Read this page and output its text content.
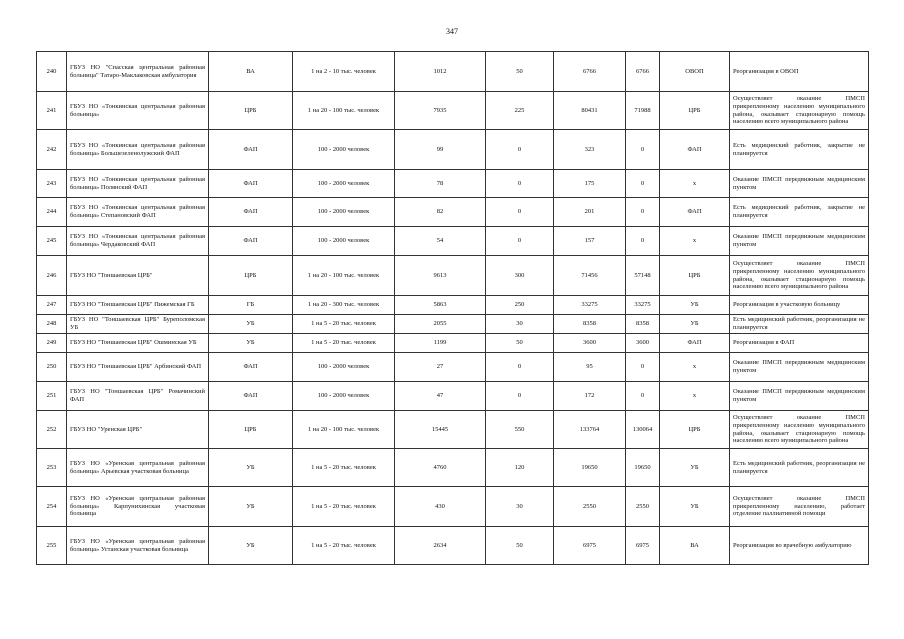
347
240	ГБУЗ НО "Спасская центральная районная больница" Татаро-Маклаковская амбулатория	ВА	1 на 2 - 10 тыс. человек	1012	50	6766	6766	ОВОП	Реорганизация в ОВОП
241	ГБУЗ НО «Тонкинская центральная районная больница»	ЦРБ	1 на 20 - 100 тыс. человек	7935	225	80431	71988	ЦРБ	Осуществляет оказание ПМСП прикрепленному населению муниципального района, оказывает стационарную помощь населению всего муниципального района
242	ГБУЗ НО «Тонкинская центральная районная больница» Большезеленолужский ФАП	ФАП	100 - 2000 человек	99	0	323	0	ФАП	Есть медицинский работник, закрытие не планируется
243	ГБУЗ НО «Тонкинская центральная районная больница» Полянский ФАП	ФАП	100 - 2000 человек	78	0	175	0	х	Оказание ПМСП передвижным медицинским пунктом
244	ГБУЗ НО «Тонкинская центральная районная больница» Степановский ФАП	ФАП	100 - 2000 человек	82	0	201	0	ФАП	Есть медицинский работник, закрытие не планируется
245	ГБУЗ НО «Тонкинская центральная районная больница» Чердаковский ФАП	ФАП	100 - 2000 человек	54	0	157	0	х	Оказание ПМСП передвижным медицинским пунктом
246	ГБУЗ НО "Тоншаевская ЦРБ"	ЦРБ	1 на 20 - 100 тыс. человек	9613	300	71456	57148	ЦРБ	Осуществляет оказание ПМСП прикрепленному населению муниципального района, оказывает стационарную помощь населению всего муниципального района
247	ГБУЗ НО "Тоншаевская ЦРБ" Пижемская ГБ	ГБ	1 на 20 - 300 тыс. человек	5863	250	33275	33275	УБ	Реорганизация в участковую больницу
248	ГБУЗ НО "Тоншаевская ЦРБ" Буреполомская УБ	УБ	1 на 5 - 20 тыс. человек	2055	30	8358	8358	УБ	Есть медицинский работник, реорганизация не планируется
249	ГБУЗ НО "Тоншаевская ЦРБ" Ошминская УБ	УБ	1 на 5 - 20 тыс. человек	1199	50	3600	3600	ФАП	Реорганизация в ФАП
250	ГБУЗ НО "Тоншаевская ЦРБ" Арбинский ФАП	ФАП	100 - 2000 человек	27	0	95	0	х	Оказание ПМСП передвижным медицинским пунктом
251	ГБУЗ НО "Тоншаевская ЦРБ" Ромачинский ФАП	ФАП	100 - 2000 человек	47	0	172	0	х	Оказание ПМСП передвижным медицинским пунктом
252	ГБУЗ НО "Уренская ЦРБ"	ЦРБ	1 на 20 - 100 тыс. человек	15445	550	133764	130064	ЦРБ	Осуществляет оказание ПМСП прикрепленному населению муниципального района, оказывает стационарную помощь населению всего муниципального района
253	ГБУЗ НО «Уренская центральная районная больница» Арьевская участковая больница	УБ	1 на 5 - 20 тыс. человек	4760	120	19650	19650	УБ	Есть медицинский работник, реорганизация не планируется
254	ГБУЗ НО «Уренская центральная районная больница» Карпунихинская участковая больница	УБ	1 на 5 - 20 тыс. человек	430	30	2550	2550	УБ	Осуществляет оказание ПМСП прикрепленному населению, работает отделение паллиативной помощи
255	ГБУЗ НО «Уренская центральная районная больница» Устанская участковая больница	УБ	1 на 5 - 20 тыс. человек	2634	50	6975	6975	ВА	Реорганизация во врачебную амбулаторию
